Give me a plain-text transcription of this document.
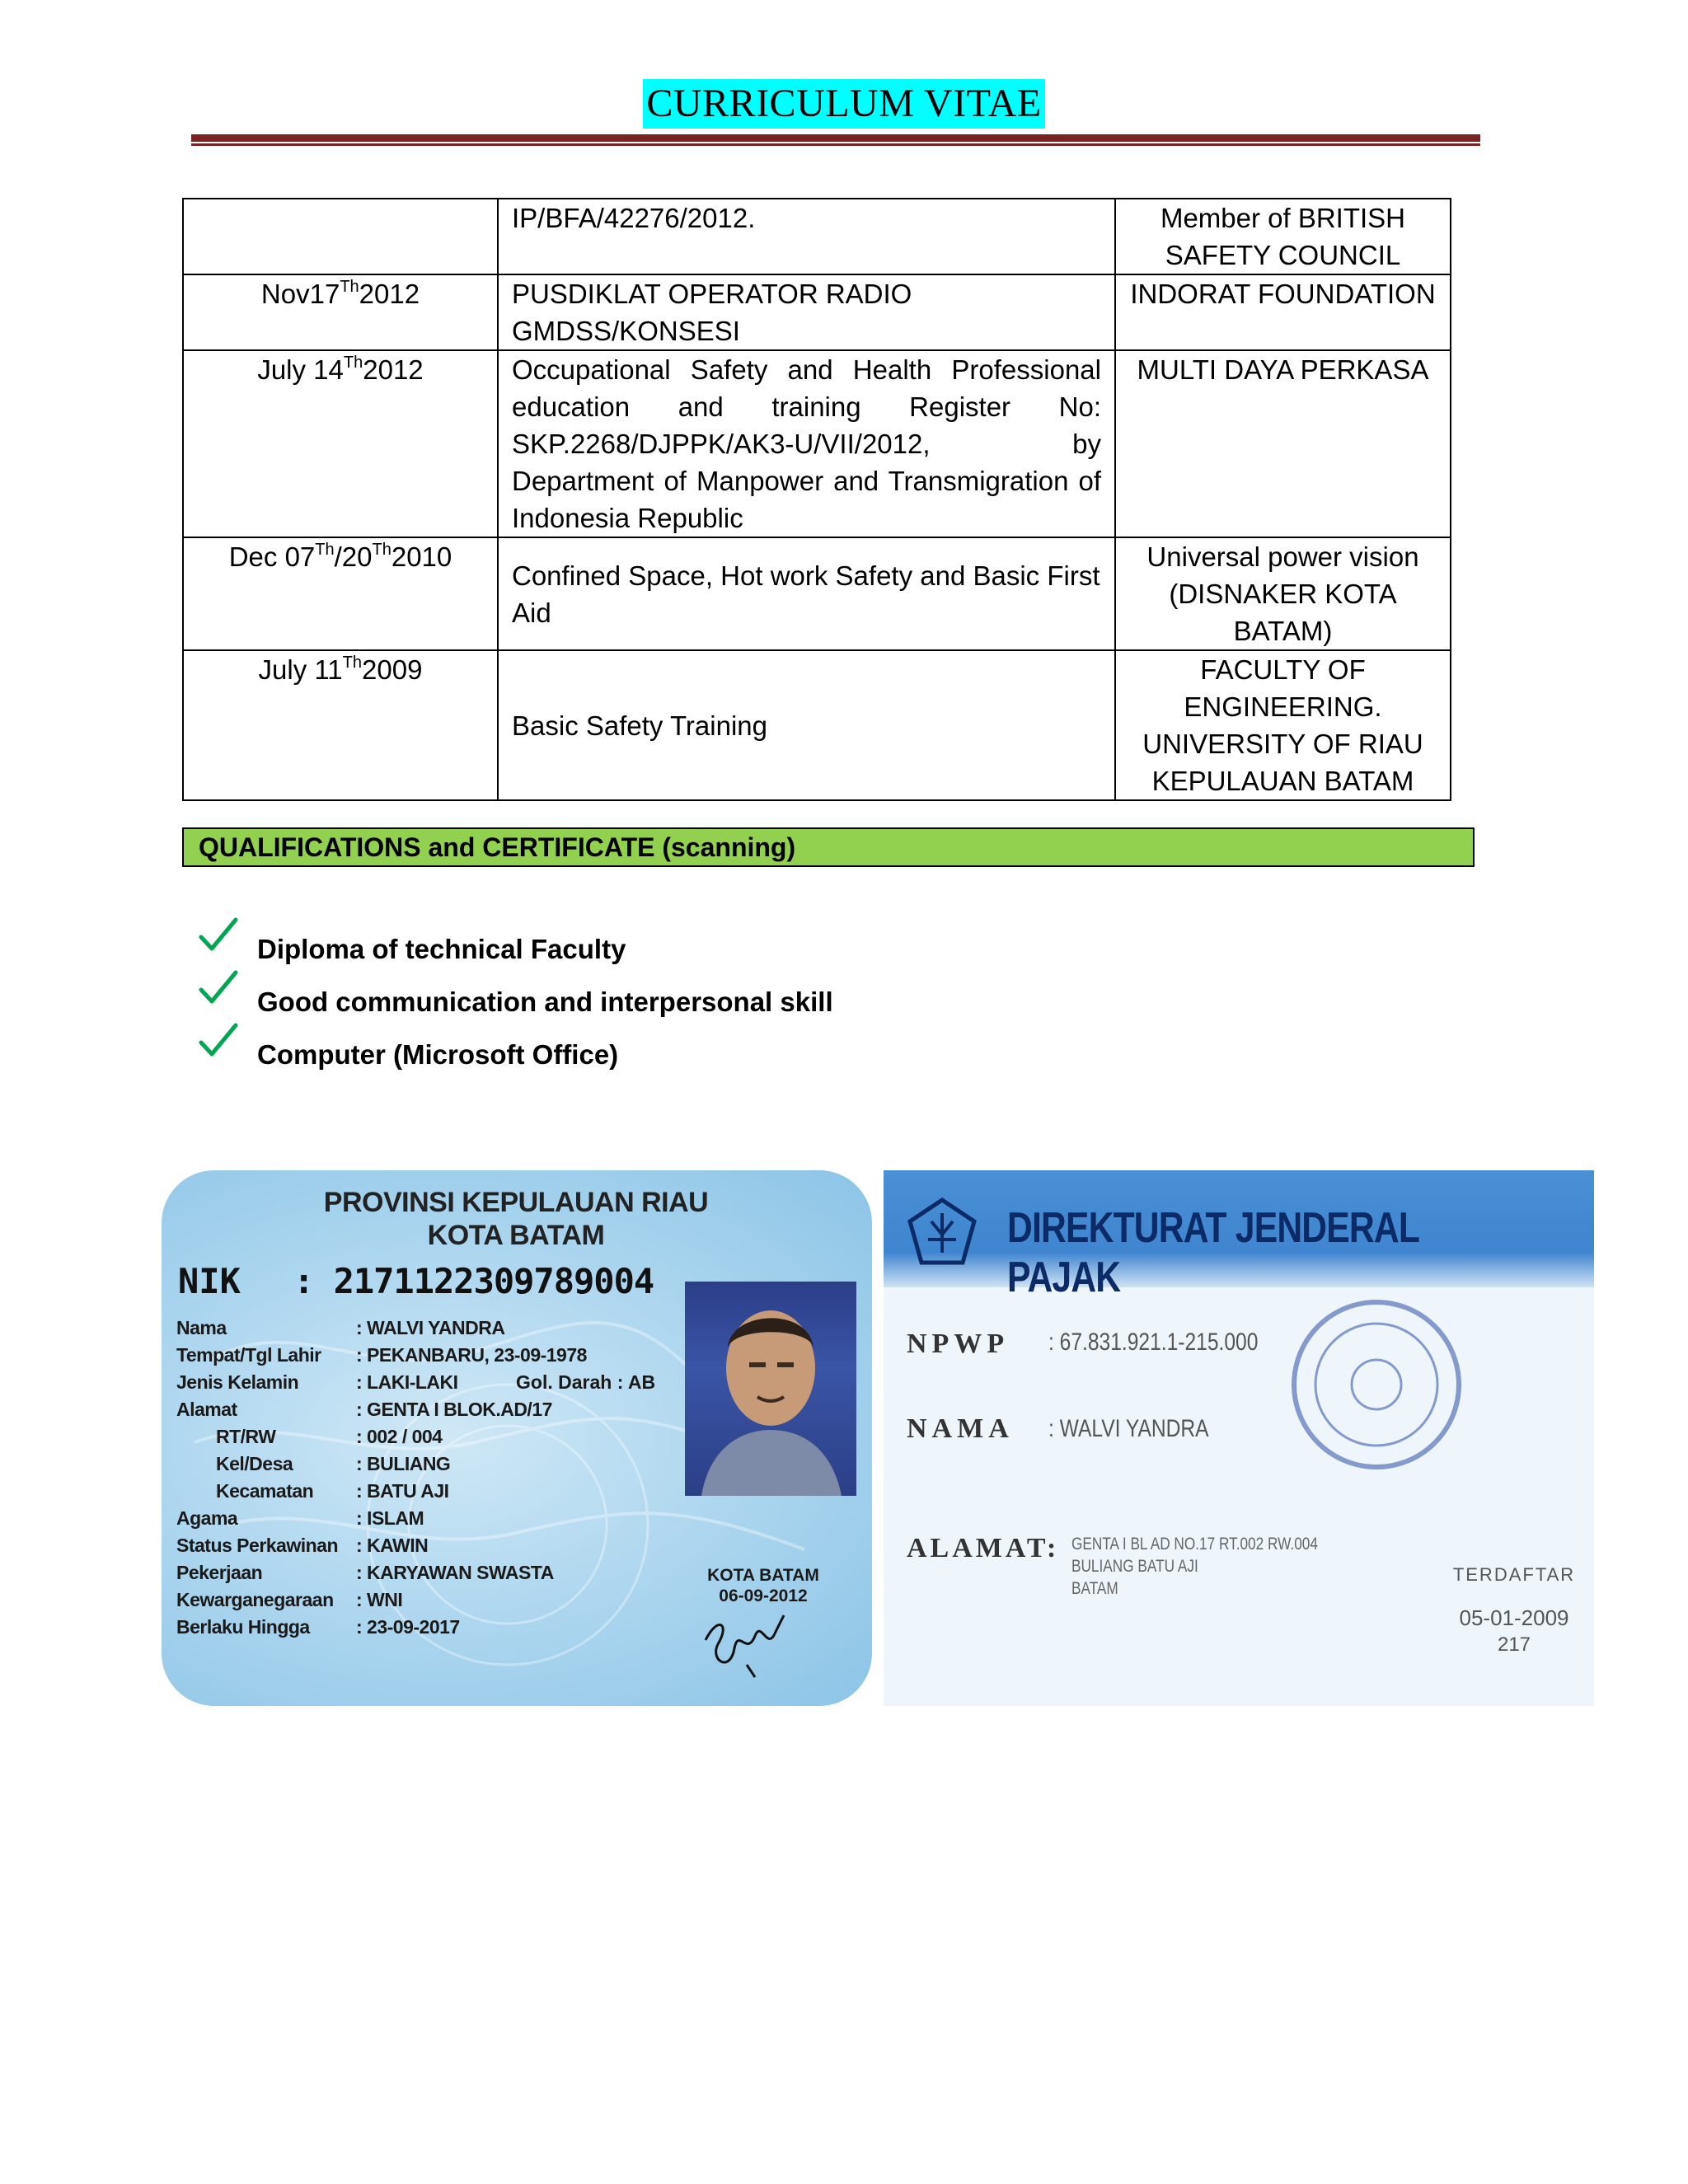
CURRICULUM VITAE
	IP/BFA/42276/2012.	Member of BRITISH SAFETY COUNCIL
Nov17Th2012	PUSDIKLAT OPERATOR RADIO GMDSS/KONSESI	INDORAT FOUNDATION
July 14Th2012	Occupational Safety and Health Professional education and training Register No: SKP.2268/DJPPK/AK3-U/VII/2012, by Department of Manpower and Transmigration of Indonesia Republic	MULTI DAYA PERKASA
Dec 07Th/20Th2010	Confined Space, Hot work Safety and Basic First Aid	Universal power vision (DISNAKER KOTA BATAM)
July 11Th2009	Basic Safety Training	FACULTY OF ENGINEERING. UNIVERSITY OF RIAU KEPULAUAN BATAM
QUALIFICATIONS and CERTIFICATE (scanning)
Diploma of technical Faculty
Good communication and interpersonal skill
Computer (Microsoft Office)
PROVINSI KEPULAUAN RIAU
KOTA BATAM
NIK : 2171122309789004
Nama	: WALVI YANDRA
Tempat/Tgl Lahir	: PEKANBARU, 23-09-1978
Jenis Kelamin	: LAKI-LAKI
Alamat	: GENTA I BLOK.AD/17
RT/RW	: 002 / 004
Kel/Desa	: BULIANG
Kecamatan	: BATU AJI
Agama	: ISLAM
Status Perkawinan : KAWIN
Pekerjaan	: KARYAWAN SWASTA
Kewarganegaraan	: WNI
Berlaku Hingga	: 23-09-2017
Gol. Darah : AB
KOTA BATAM
06-09-2012
DIREKTURAT JENDERAL PAJAK
NPWP : 67.831.921.1-215.000
NAMA : WALVI YANDRA
ALAMAT: GENTA I BL AD NO.17 RT.002 RW.004
BULIANG BATU AJI
BATAM
TERDAFTAR
05-01-2009
217
